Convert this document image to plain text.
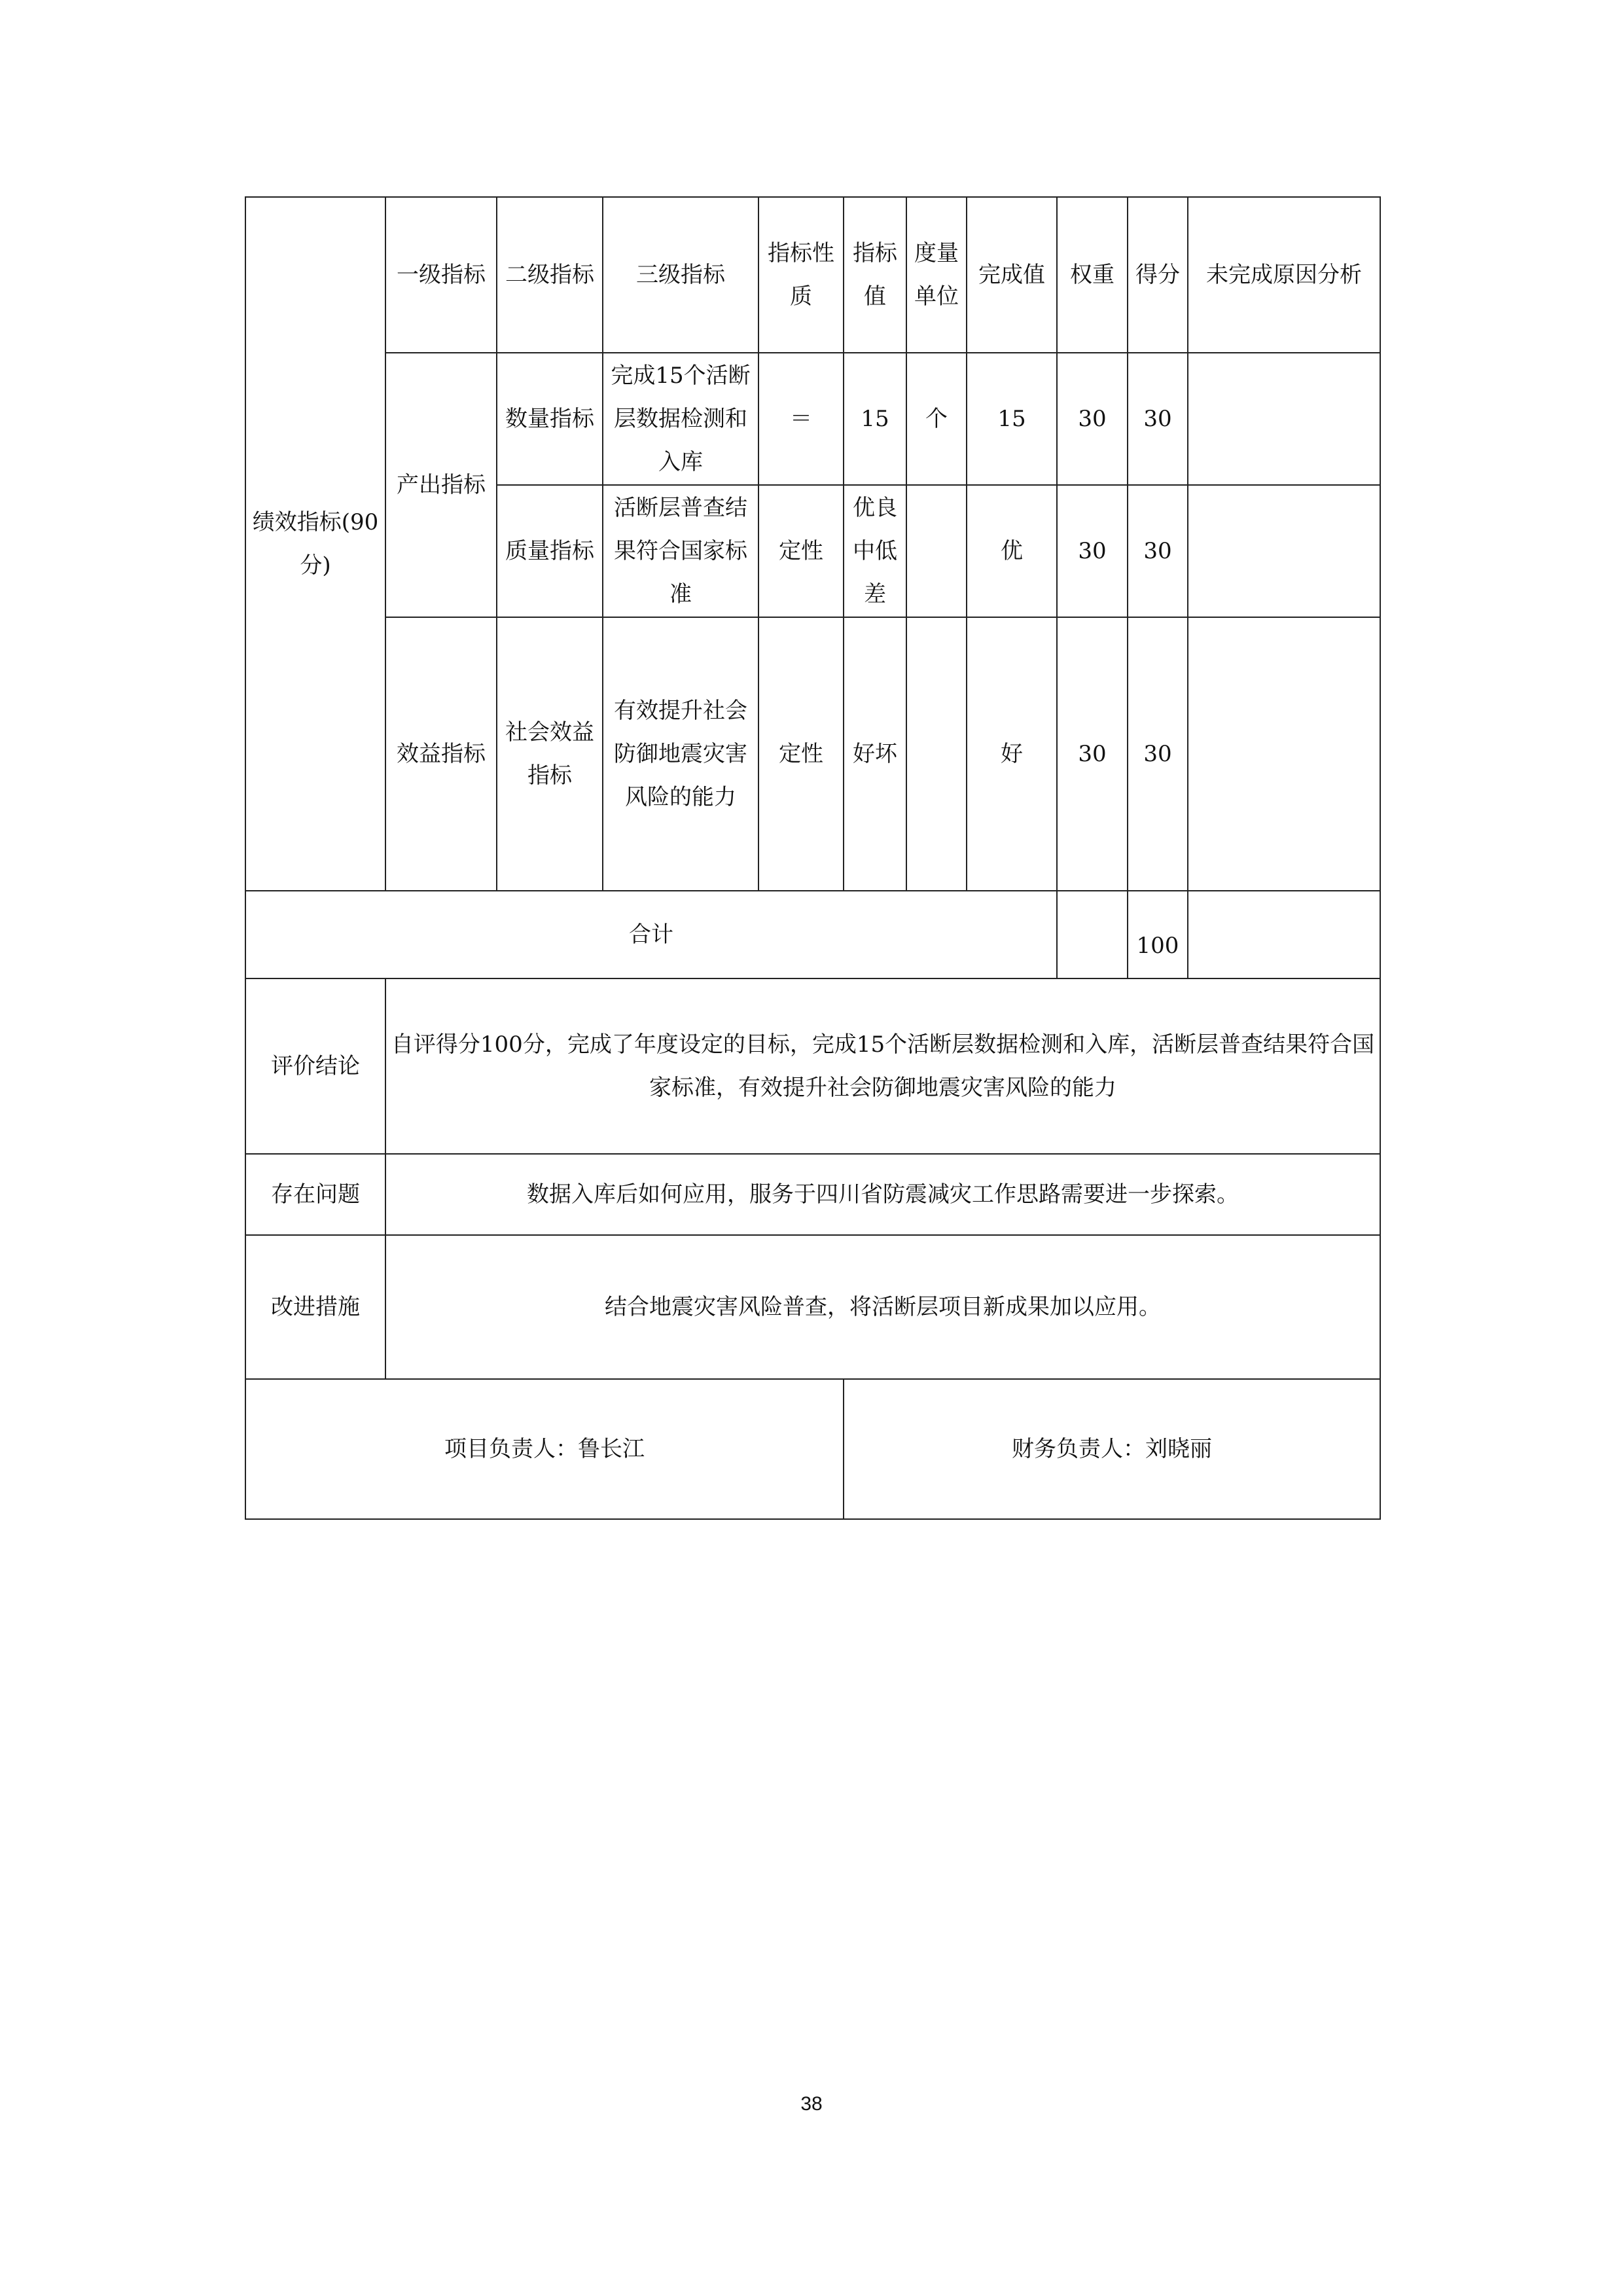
绩效指标(90分)	一级指标	二级指标	三级指标	指标性质	指标值	度量单位	完成值	权重	得分	未完成原因分析
	产出指标	数量指标	完成15个活断层数据检测和入库	＝	15	个	15	30	30	
		质量指标	活断层普查结果符合国家标准	定性	优良中低差		优	30	30	
	效益指标	社会效益指标	有效提升社会防御地震灾害风险的能力	定性	好坏		好	30	30	
合计									100	
评价结论	自评得分100分，完成了年度设定的目标，完成15个活断层数据检测和入库，活断层普查结果符合国家标准，有效提升社会防御地震灾害风险的能力									
存在问题	数据入库后如何应用，服务于四川省防震减灾工作思路需要进一步探索。									
改进措施	结合地震灾害风险普查，将活断层项目新成果加以应用。									
项目负责人：鲁长江					财务负责人：刘晓丽					
38
